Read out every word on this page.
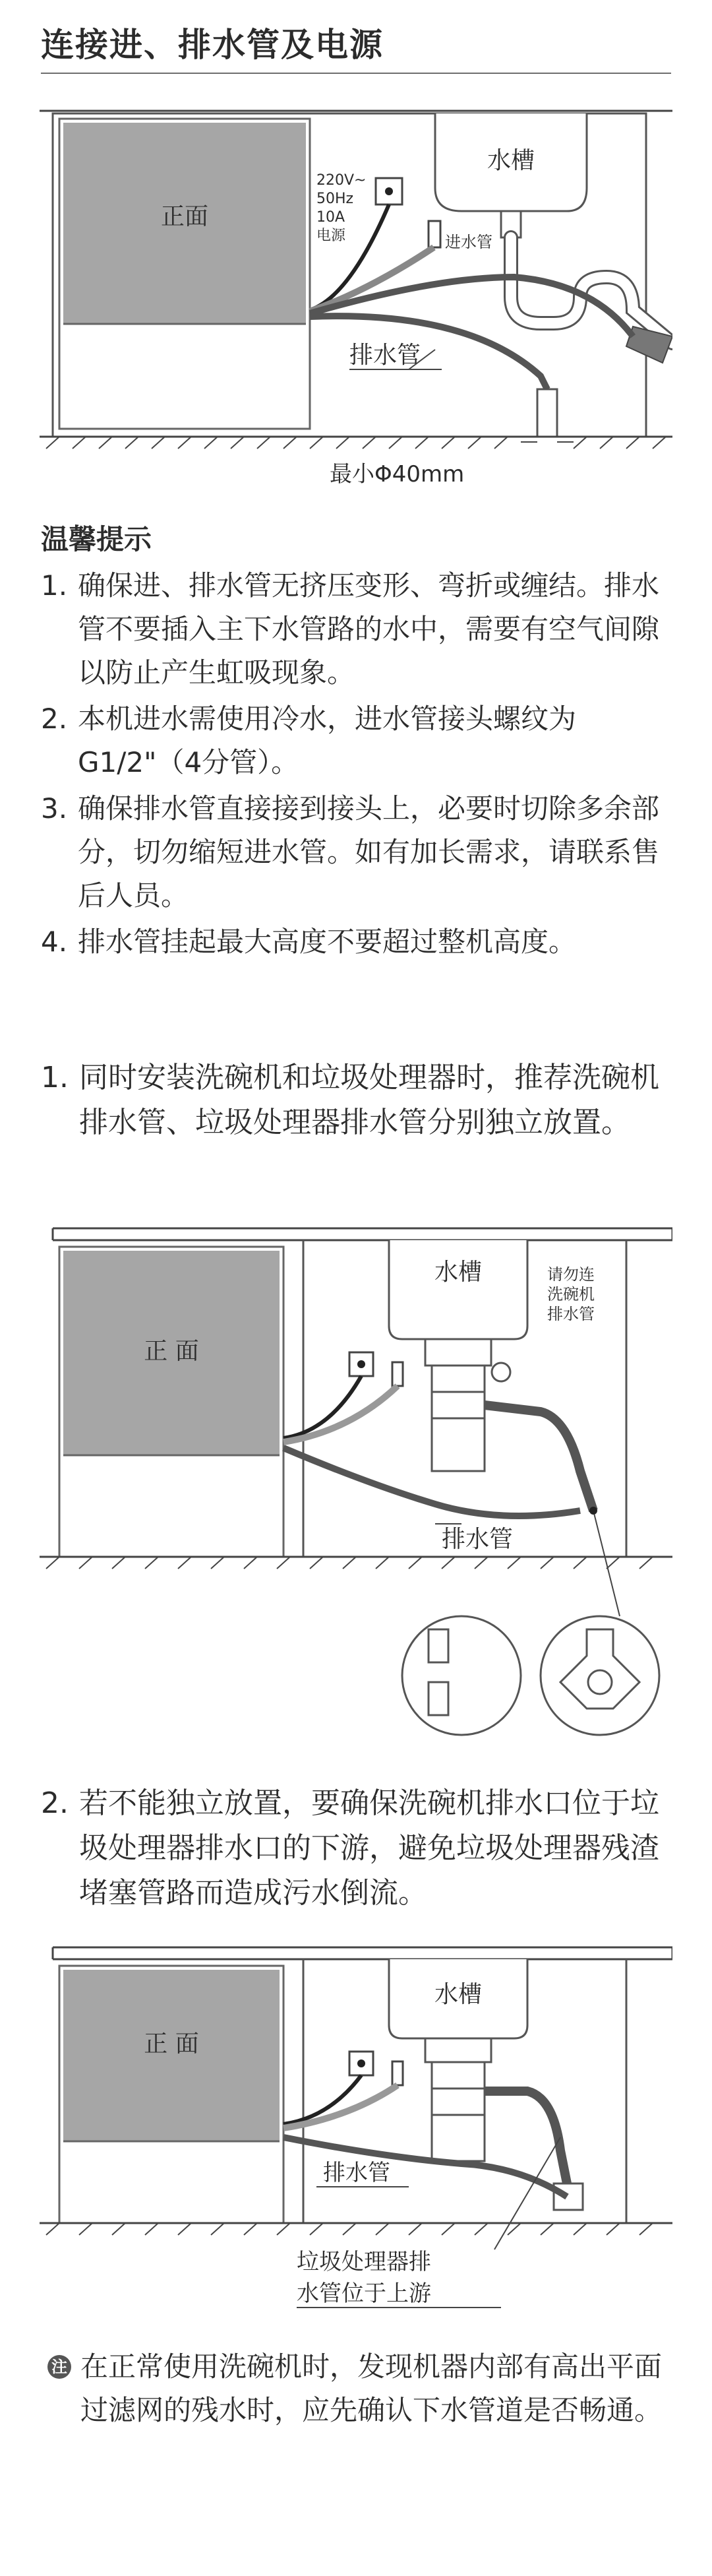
连接进、排水管及电源
正面
水槽
220V~
50Hz
10A
电源	进水管
排水管
最小Φ40mm
温馨提示
1. 确保进、排水管无挤压变形、弯折或缠结。排水管不要插入主下水管路的水中，需要有空气间隙以防止产生虹吸现象。
2. 本机进水需使用冷水，进水管接头螺纹为G1/2"（4分管）。
3. 确保排水管直接接到接头上，必要时切除多余部分，切勿缩短进水管。如有加长需求，请联系售后人员。
4. 排水管挂起最大高度不要超过整机高度。
1. 同时安装洗碗机和垃圾处理器时，推荐洗碗机排水管、垃圾处理器排水管分别独立放置。
正 面
水槽	请勿连
洗碗机
排水管
排水管
2. 若不能独立放置，要确保洗碗机排水口位于垃圾处理器排水口的下游，避免垃圾处理器残渣堵塞管路而造成污水倒流。
正 面
水槽
排水管
垃圾处理器排
水管位于上游
注 在正常使用洗碗机时，发现机器内部有高出平面过滤网的残水时，应先确认下水管道是否畅通。
